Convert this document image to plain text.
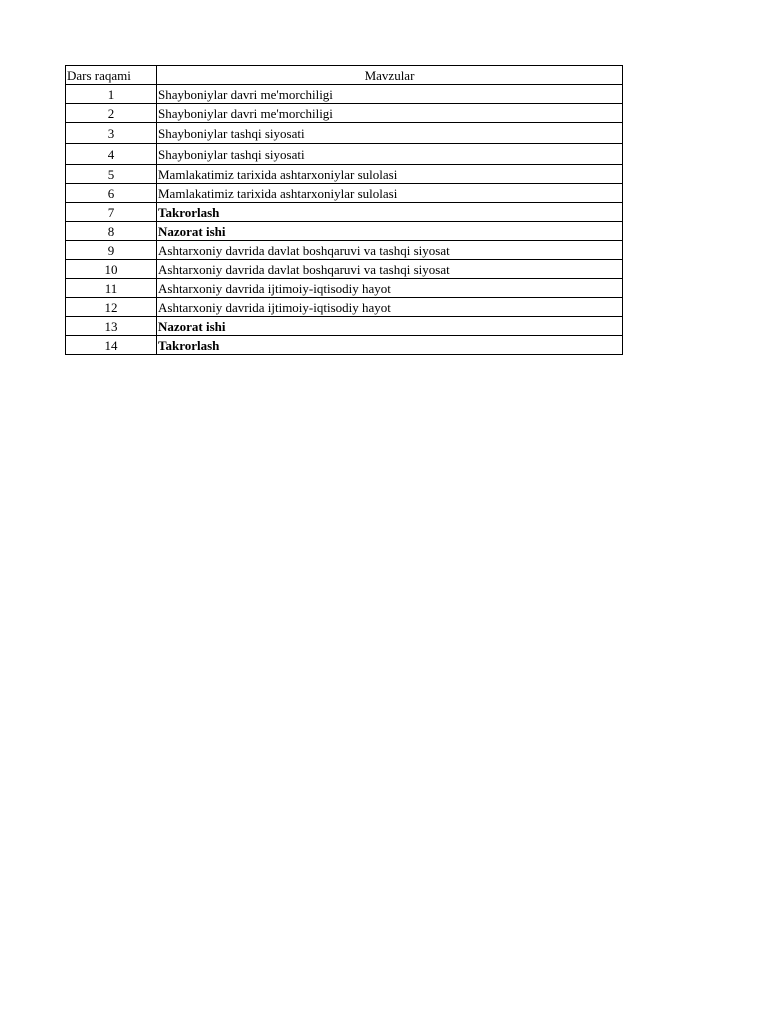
Dars raqami	Mavzular
1	Shayboniylar davri me'morchiligi
2	Shayboniylar davri me'morchiligi
3	Shayboniylar tashqi siyosati
4	Shayboniylar tashqi siyosati
5	Mamlakatimiz tarixida ashtarxoniylar sulolasi
6	Mamlakatimiz tarixida ashtarxoniylar sulolasi
7	Takrorlash
8	Nazorat ishi
9	Ashtarxoniy davrida davlat boshqaruvi va tashqi siyosat
10	Ashtarxoniy davrida davlat boshqaruvi va tashqi siyosat
11	Ashtarxoniy davrida ijtimoiy-iqtisodiy hayot
12	Ashtarxoniy davrida ijtimoiy-iqtisodiy hayot
13	Nazorat ishi
14	Takrorlash
